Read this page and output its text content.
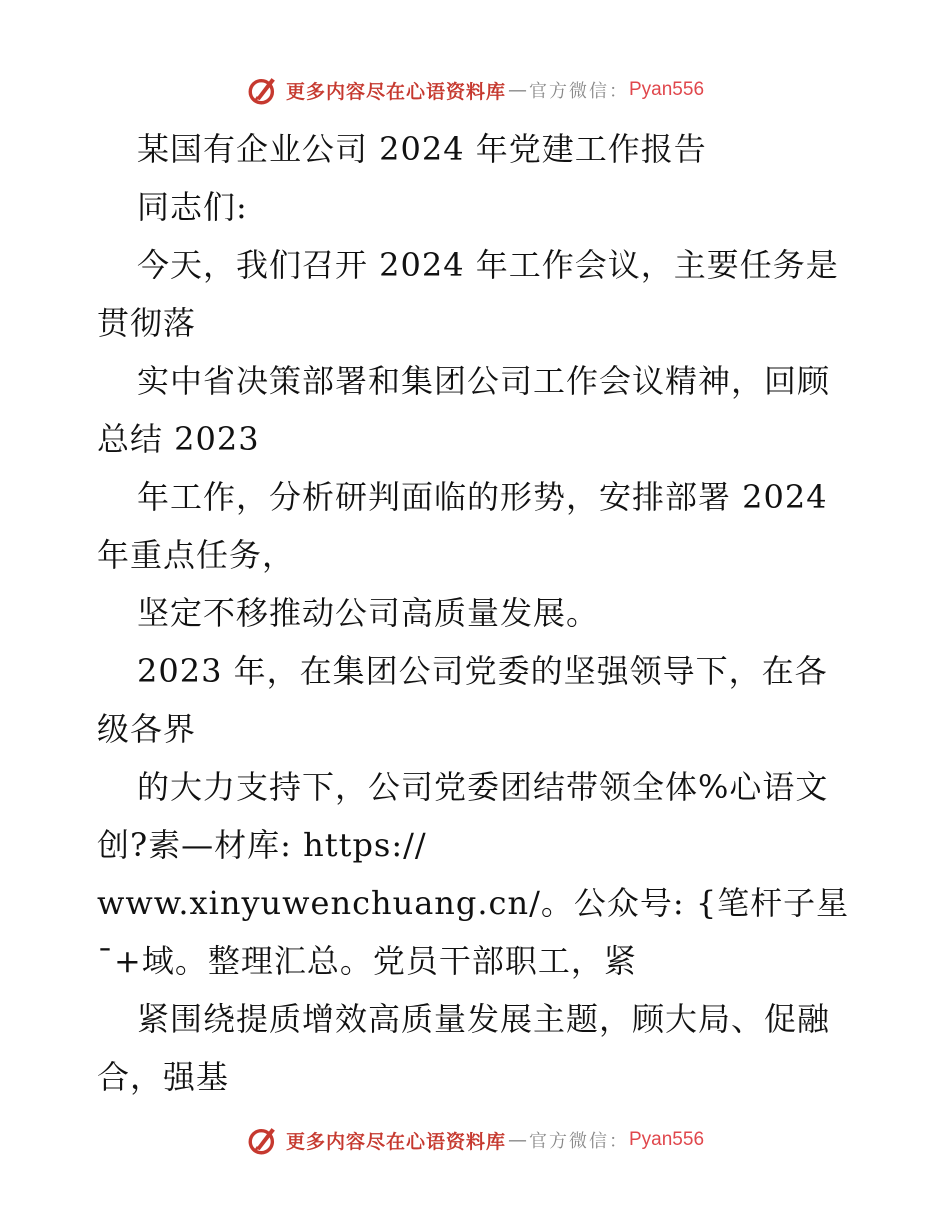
更多内容尽在心语资料库 — 官方微信： Pyan556
某国有企业公司 2024 年党建工作报告
同志们:
今天，我们召开 2024 年工作会议，主要任务是
贯彻落
实中省决策部署和集团公司工作会议精神，回顾
总结 2023
年工作，分析研判面临的形势，安排部署 2024
年重点任务，
坚定不移推动公司高质量发展。
2023 年，在集团公司党委的坚强领导下，在各
级各界
的大力支持下，公司党委团结带领全体%心语文
创?素—材库: https://
www.xinyuwenchuang.cn/。公众号: {笔杆子星
¯+域。整理汇总。党员干部职工，紧
紧围绕提质增效高质量发展主题，顾大局、促融
合，强基
更多内容尽在心语资料库 — 官方微信： Pyan556
